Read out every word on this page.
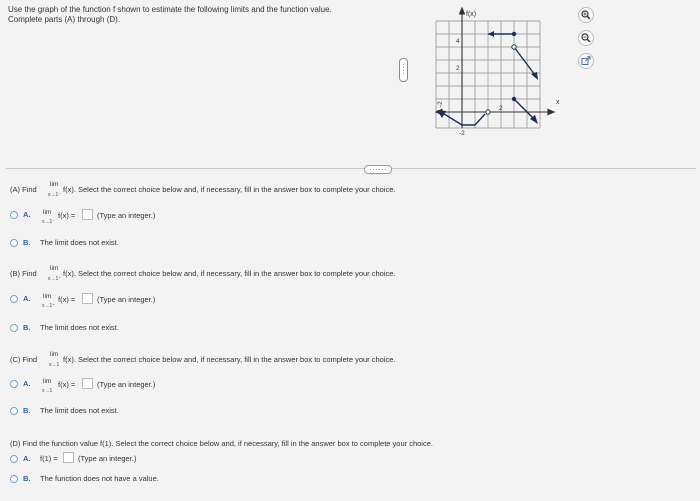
Use the graph of the function f shown to estimate the following limits and the function value.
Complete parts (A) through (D).
f(x)
x
4
2
-2
2
-2
(A) Find
lim
x→1⁻
f(x). Select the correct choice below and, if necessary, fill in the answer box to complete your choice.
A. lim
x→1⁻
f(x) =	(Type an integer.)
B. The limit does not exist.
(B) Find
lim
x→1⁺
f(x). Select the correct choice below and, if necessary, fill in the answer box to complete your choice.
A. lim
x→1⁺
f(x) =	(Type an integer.)
B. The limit does not exist.
(C) Find
lim
x→1
f(x). Select the correct choice below and, if necessary, fill in the answer box to complete your choice.
A. lim
x→1
f(x) =	(Type an integer.)
B. The limit does not exist.
(D) Find the function value f(1). Select the correct choice below and, if necessary, fill in the answer box to complete your choice.
A. f(1) =	(Type an integer.)
B. The function does not have a value.
